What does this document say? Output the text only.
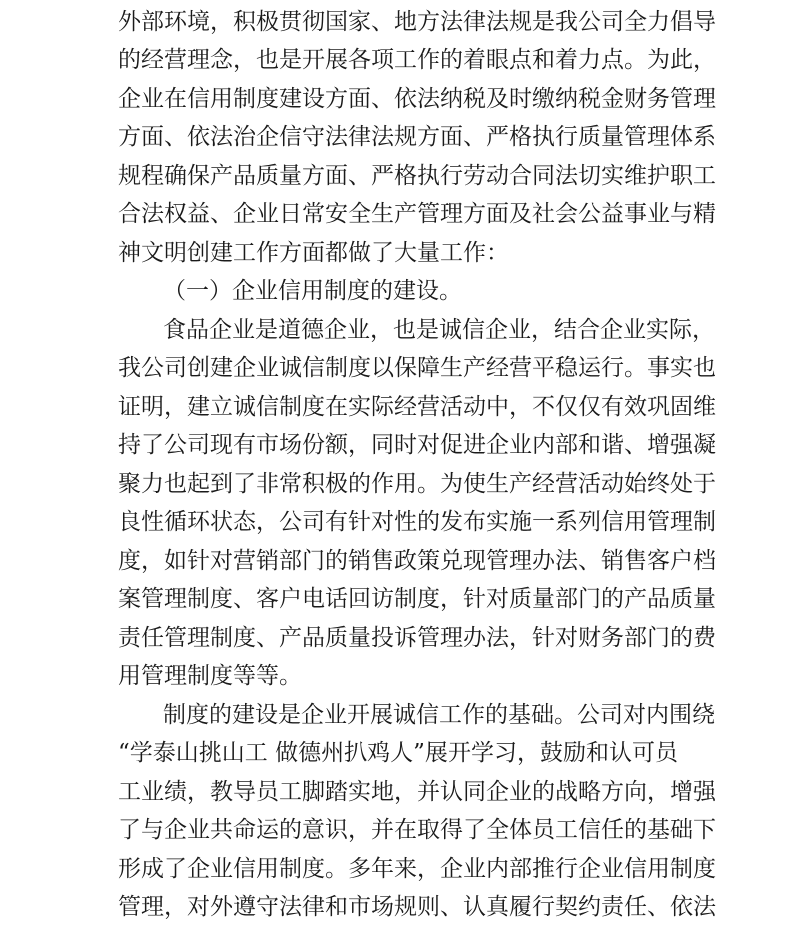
外部环境，积极贯彻国家、地方法律法规是我公司全力倡导
的经营理念，也是开展各项工作的着眼点和着力点。为此，
企业在信用制度建设方面、依法纳税及时缴纳税金财务管理
方面、依法治企信守法律法规方面、严格执行质量管理体系
规程确保产品质量方面、严格执行劳动合同法切实维护职工
合法权益、企业日常安全生产管理方面及社会公益事业与精
神文明创建工作方面都做了大量工作：
（一）企业信用制度的建设。
食品企业是道德企业，也是诚信企业，结合企业实际，
我公司创建企业诚信制度以保障生产经营平稳运行。事实也
证明，建立诚信制度在实际经营活动中，不仅仅有效巩固维
持了公司现有市场份额，同时对促进企业内部和谐、增强凝
聚力也起到了非常积极的作用。为使生产经营活动始终处于
良性循环状态，公司有针对性的发布实施一系列信用管理制
度，如针对营销部门的销售政策兑现管理办法、销售客户档
案管理制度、客户电话回访制度，针对质量部门的产品质量
责任管理制度、产品质量投诉管理办法，针对财务部门的费
用管理制度等等。
制度的建设是企业开展诚信工作的基础。公司对内围绕
“学泰山挑山工 做德州扒鸡人”展开学习，鼓励和认可员
工业绩，教导员工脚踏实地，并认同企业的战略方向，增强
了与企业共命运的意识，并在取得了全体员工信任的基础下
形成了企业信用制度。多年来，企业内部推行企业信用制度
管理，对外遵守法律和市场规则、认真履行契约责任、依法
